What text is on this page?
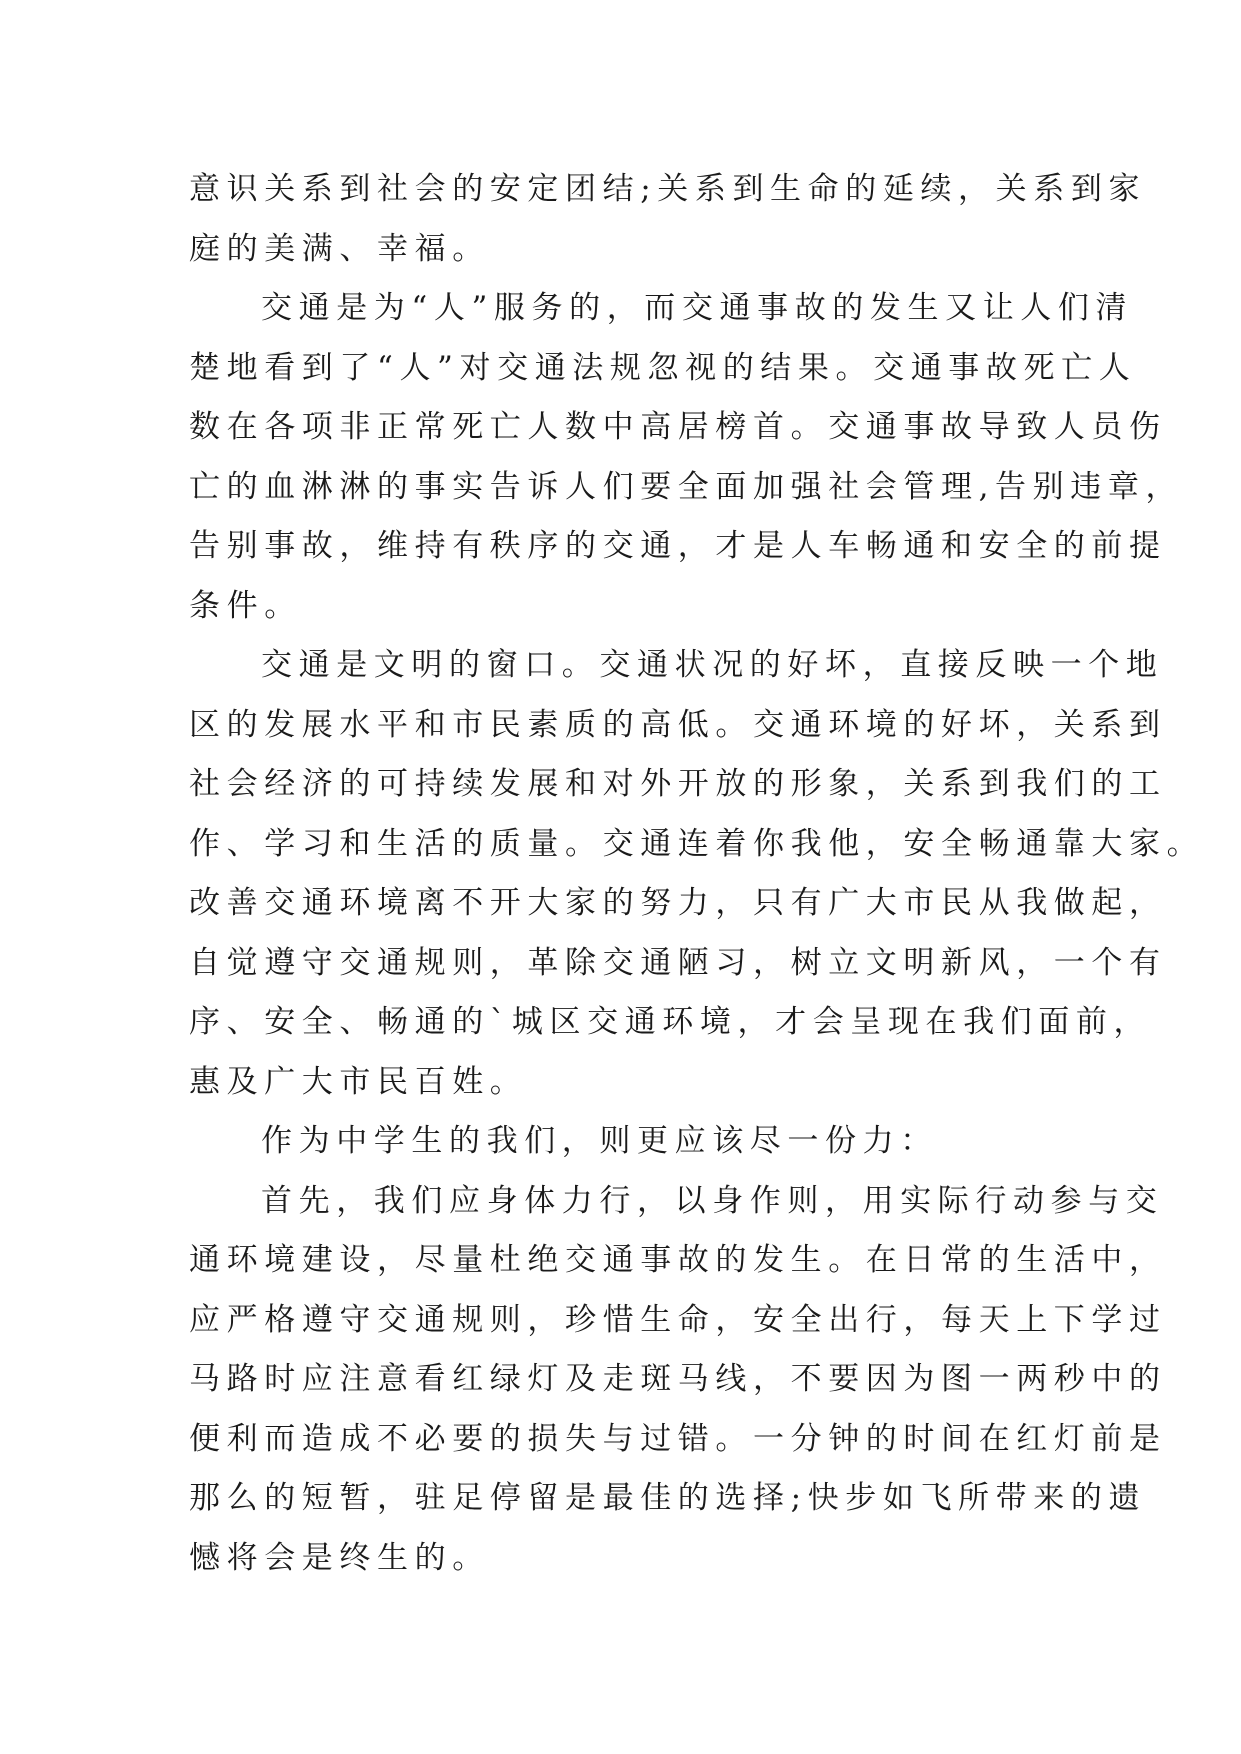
意识关系到社会的安定团结;关系到生命的延续，关系到家
庭的美满、幸福。
交通是为“人”服务的，而交通事故的发生又让人们清
楚地看到了“人”对交通法规忽视的结果。交通事故死亡人
数在各项非正常死亡人数中高居榜首。交通事故导致人员伤
亡的血淋淋的事实告诉人们要全面加强社会管理,告别违章，
告别事故，维持有秩序的交通，才是人车畅通和安全的前提
条件。
交通是文明的窗口。交通状况的好坏，直接反映一个地
区的发展水平和市民素质的高低。交通环境的好坏，关系到
社会经济的可持续发展和对外开放的形象，关系到我们的工
作、学习和生活的质量。交通连着你我他，安全畅通靠大家。
改善交通环境离不开大家的努力，只有广大市民从我做起，
自觉遵守交通规则，革除交通陋习，树立文明新风，一个有
序、安全、畅通的`城区交通环境，才会呈现在我们面前，
惠及广大市民百姓。
作为中学生的我们，则更应该尽一份力：
首先，我们应身体力行，以身作则，用实际行动参与交
通环境建设，尽量杜绝交通事故的发生。在日常的生活中，
应严格遵守交通规则，珍惜生命，安全出行，每天上下学过
马路时应注意看红绿灯及走斑马线，不要因为图一两秒中的
便利而造成不必要的损失与过错。一分钟的时间在红灯前是
那么的短暂，驻足停留是最佳的选择;快步如飞所带来的遗
憾将会是终生的。
